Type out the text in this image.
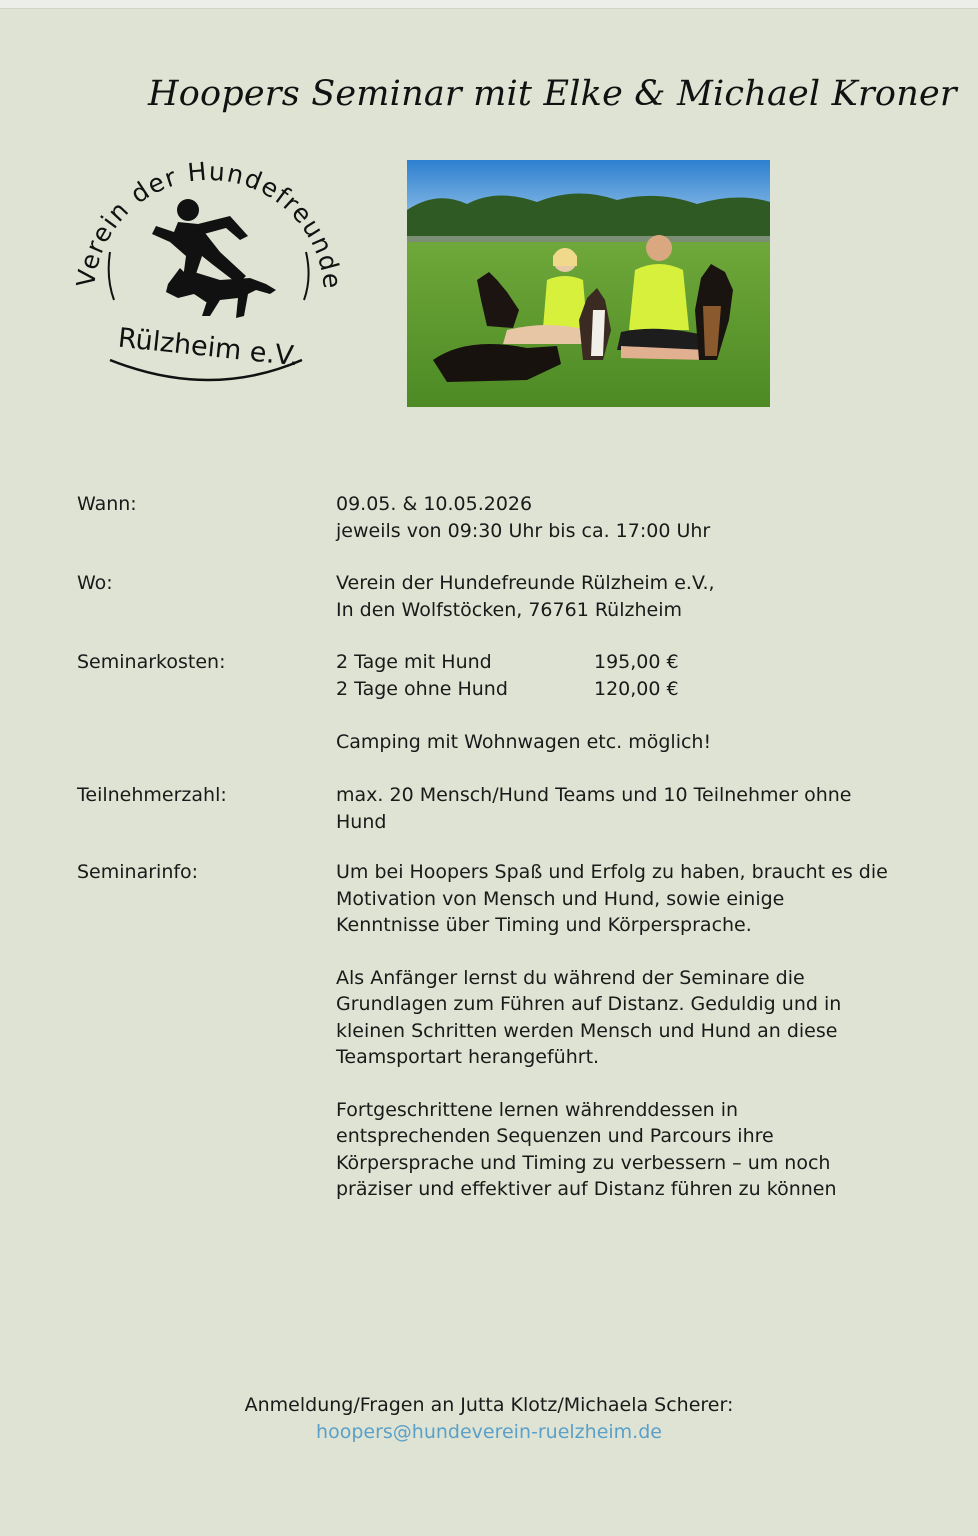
Hoopers Seminar mit Elke & Michael Kroner
Verein der Hundefreunde
Rülzheim e.V.
Wann:	09.05. & 10.05.2026

jeweils von 09:30 Uhr bis ca. 17:00 Uhr

Wo:	Verein der Hundefreunde Rülzheim e.V.,

In den Wolfstöcken, 76761 Rülzheim

Seminarkosten:	2 Tage mit Hund	195,00 €
2 Tage ohne Hund	120,00 €

Camping mit Wohnwagen etc. möglich!

Teilnehmerzahl:	max. 20 Mensch/Hund Teams und 10 Teilnehmer ohne

Hund

Seminarinfo:	Um bei Hoopers Spaß und Erfolg zu haben, braucht es die

Motivation von Mensch und Hund, sowie einige

Kenntnisse über Timing und Körpersprache.

Als Anfänger lernst du während der Seminare die

Grundlagen zum Führen auf Distanz. Geduldig und in

kleinen Schritten werden Mensch und Hund an diese

Teamsportart herangeführt.

Fortgeschrittene lernen währenddessen in

entsprechenden Sequenzen und Parcours ihre

Körpersprache und Timing zu verbessern – um noch

präziser und effektiver auf Distanz führen zu können

Anmeldung/Fragen an Jutta Klotz/Michaela Scherer:
hoopers@hundeverein-ruelzheim.de
